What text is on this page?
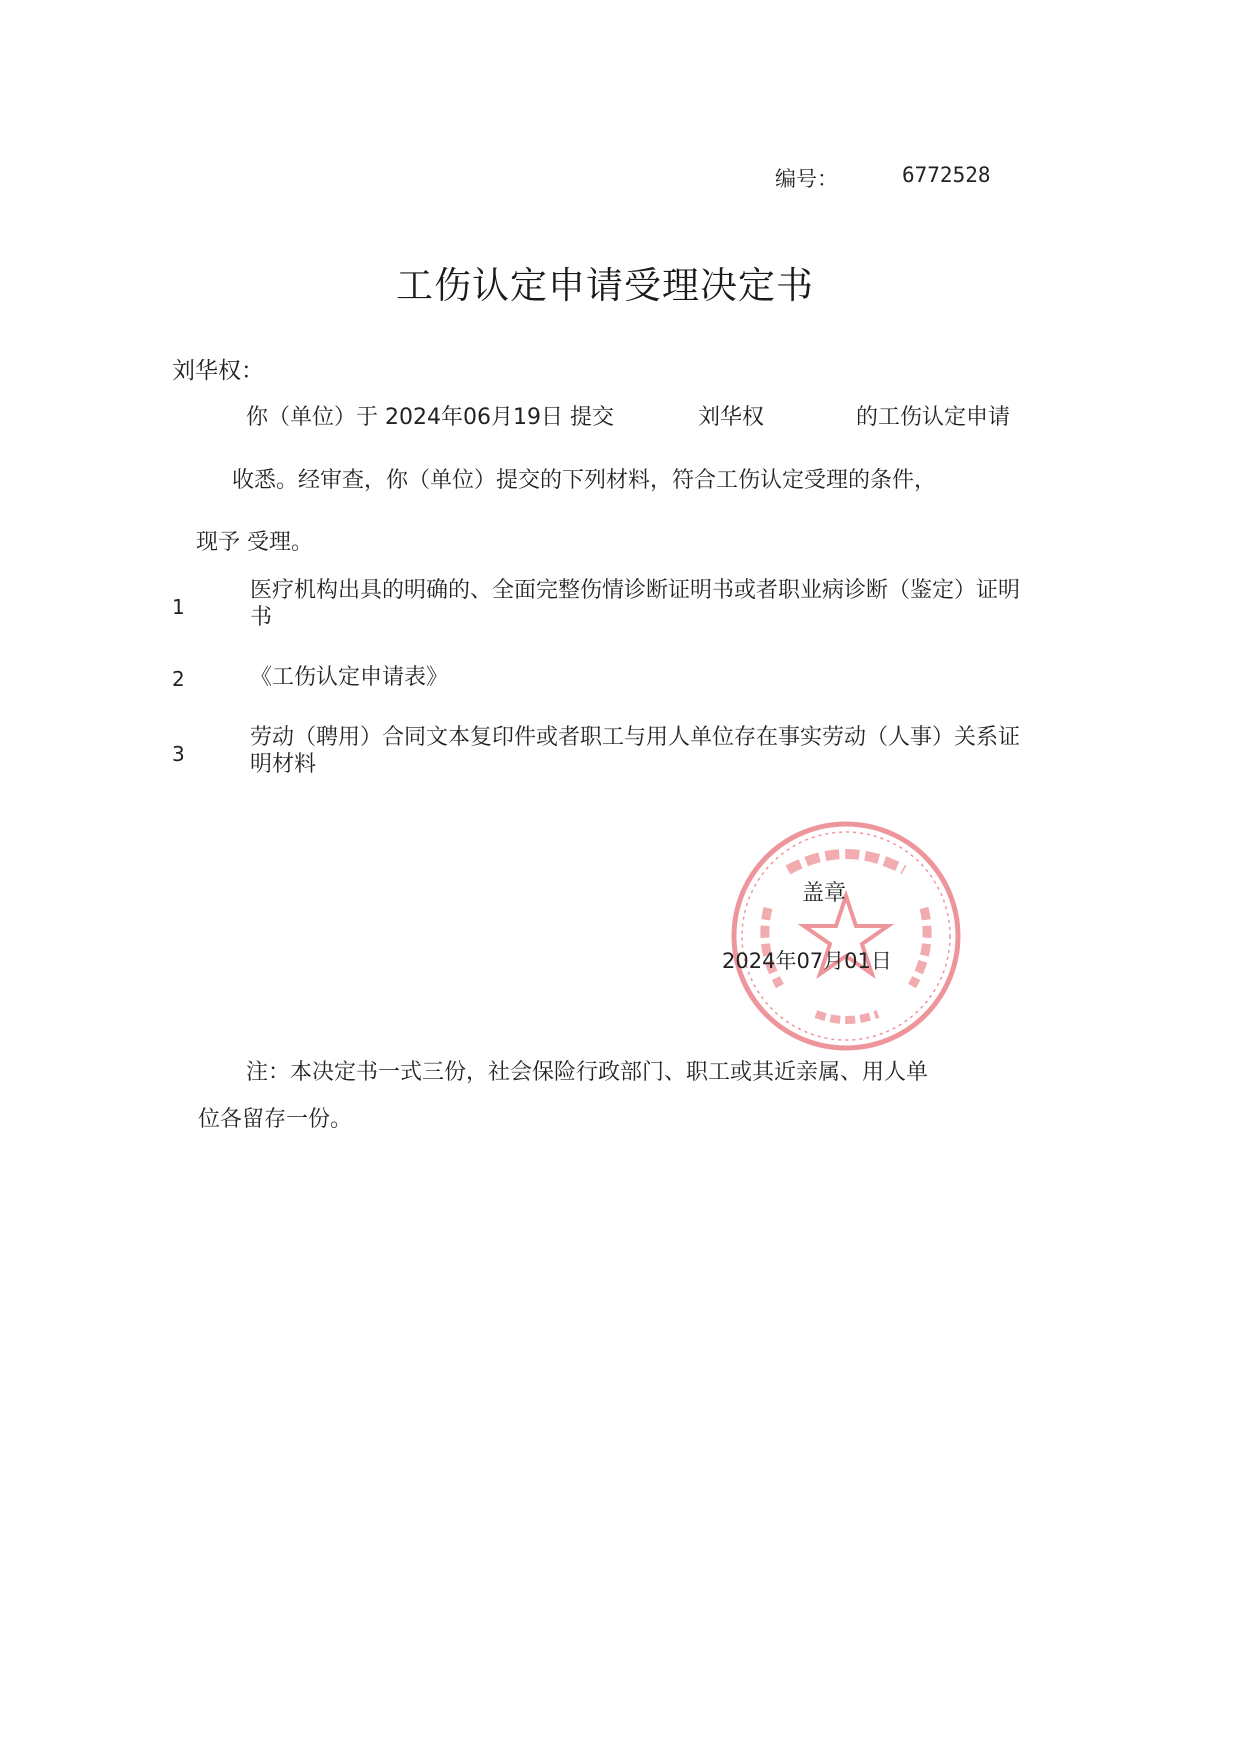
编号：	6772528
工伤认定申请受理决定书
刘华权：
你（单位）于 2024年06月19日 提交	刘华权	的工伤认定申请
收悉。经审查，你（单位）提交的下列材料，符合工伤认定受理的条件，
现予 受理。
1
医疗机构出具的明确的、全面完整伤情诊断证明书或者职业病诊断（鉴定）证明书
2	《工伤认定申请表》
3
劳动（聘用）合同文本复印件或者职工与用人单位存在事实劳动（人事）关系证明材料
盖章
2024年07月01日
注：本决定书一式三份，社会保险行政部门、职工或其近亲属、用人单
位各留存一份。
